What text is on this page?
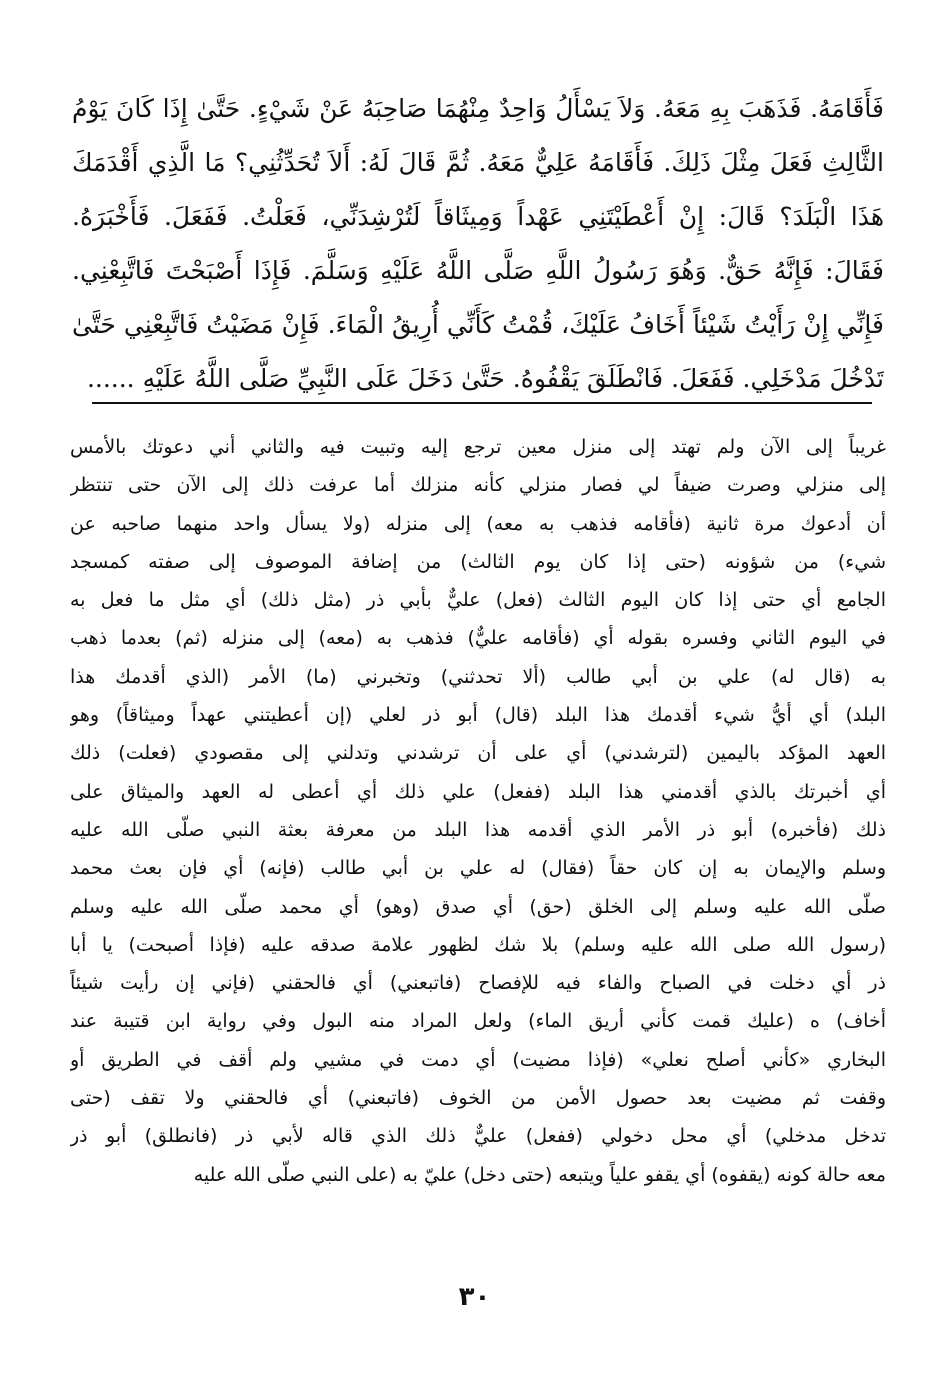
فَأَقَامَهُ. فَذَهَبَ بِهِ مَعَهُ. وَلاَ يَسْأَلُ وَاحِدٌ مِنْهُمَا صَاحِبَهُ عَنْ شَيْءٍ. حَتَّىٰ إِذَا كَانَ يَوْمُ
الثَّالِثِ فَعَلَ مِثْلَ ذَلِكَ. فَأَقَامَهُ عَلِيٌّ مَعَهُ. ثُمَّ قَالَ لَهُ: أَلاَ تُحَدِّثُنِي؟ مَا الَّذِي أَقْدَمَكَ
هَذَا الْبَلَدَ؟ قَالَ: إِنْ أَعْطَيْتَنِي عَهْداً وَمِيثَاقاً لَتُرْشِدَنِّي، فَعَلْتُ. فَفَعَلَ. فَأَخْبَرَهُ.
فَقَالَ: فَإِنَّهُ حَقٌّ. وَهُوَ رَسُولُ اللَّهِ صَلَّى اللَّهُ عَلَيْهِ وَسَلَّمَ. فَإِذَا أَصْبَحْتَ فَاتَّبِعْنِي.
فَإِنِّي إِنْ رَأَيْتُ شَيْئاً أَخَافُ عَلَيْكَ، قُمْتُ كَأَنِّي أُرِيقُ الْمَاءَ. فَإِنْ مَضَيْتُ فَاتَّبِعْنِي حَتَّىٰ
تَدْخُلَ مَدْخَلِي. فَفَعَلَ. فَانْطَلَقَ يَقْفُوهُ. حَتَّىٰ دَخَلَ عَلَى النَّبِيِّ صَلَّى اللَّهُ عَلَيْهِ ......
غريباً إلى الآن ولم تهتد إلى منزل معين ترجع إليه وتبيت فيه والثاني أني دعوتك بالأمس
إلى منزلي وصرت ضيفاً لي فصار منزلي كأنه منزلك أما عرفت ذلك إلى الآن حتى تنتظر
أن أدعوك مرة ثانية (فأقامه فذهب به معه) إلى منزله (ولا يسأل واحد منهما صاحبه عن
شيء) من شؤونه (حتى إذا كان يوم الثالث) من إضافة الموصوف إلى صفته كمسجد
الجامع أي حتى إذا كان اليوم الثالث (فعل) عليٌّ بأبي ذر (مثل ذلك) أي مثل ما فعل به
في اليوم الثاني وفسره بقوله أي (فأقامه عليٌّ) فذهب به (معه) إلى منزله (ثم) بعدما ذهب
به (قال له) علي بن أبي طالب (ألا تحدثني) وتخبرني (ما) الأمر (الذي أقدمك هذا
البلد) أي أيُّ شيء أقدمك هذا البلد (قال) أبو ذر لعلي (إن أعطيتني عهداً وميثاقاً) وهو
العهد المؤكد باليمين (لترشدني) أي على أن ترشدني وتدلني إلى مقصودي (فعلت) ذلك
أي أخبرتك بالذي أقدمني هذا البلد (ففعل) علي ذلك أي أعطى له العهد والميثاق على
ذلك (فأخبره) أبو ذر الأمر الذي أقدمه هذا البلد من معرفة بعثة النبي صلّى الله عليه
وسلم والإيمان به إن كان حقاً (فقال) له علي بن أبي طالب (فإنه) أي فإن بعث محمد
صلّى الله عليه وسلم إلى الخلق (حق) أي صدق (وهو) أي محمد صلّى الله عليه وسلم
(رسول الله صلى الله عليه وسلم) بلا شك لظهور علامة صدقه عليه (فإذا أصبحت) يا أبا
ذر أي دخلت في الصباح والفاء فيه للإفصاح (فاتبعني) أي فالحقني (فإني إن رأيت شيئاً
أخاف) ه (عليك قمت كأني أريق الماء) ولعل المراد منه البول وفي رواية ابن قتيبة عند
البخاري «كأني أصلح نعلي» (فإذا مضيت) أي دمت في مشيي ولم أقف في الطريق أو
وقفت ثم مضيت بعد حصول الأمن من الخوف (فاتبعني) أي فالحقني ولا تقف (حتى
تدخل مدخلي) أي محل دخولي (ففعل) عليٌّ ذلك الذي قاله لأبي ذر (فانطلق) أبو ذر
معه حالة كونه (يقفوه) أي يقفو علياً ويتبعه (حتى دخل) عليّ به (على النبي صلّى الله عليه
٣٠
